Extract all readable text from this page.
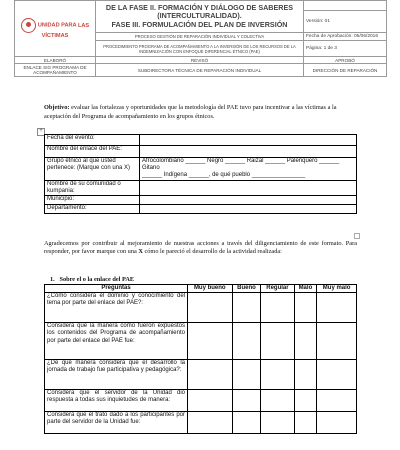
UNIDAD PARA LAS VÍCTIMAS	DE LA FASE II. FORMACIÓN Y DIÁLOGO DE SABERES
(INTERCULTURALIDAD).
FASE III. FORMULACIÓN DEL PLAN DE INVERSIÓN	

		Versión: 01
	PROCESO GESTIÓN DE REPARACIÓN INDIVIDUAL Y COLECTIVA	Fecha de Aprobación: 05/06/2016
	PROCEDIMIENTO PROGRAMA DE ACOMPAÑAMIENTO A LA INVERSIÓN DE LOS RECURSOS DE LA INDEMNIZACIÓN CON ENFOQUE DIFERENCIAL ÉTNICO (PAE)	Página: 1 de 3
ELABORÓ	REVISÓ	APROBÓ
ENLACE SIG PROGRAMA DE ACOMPAÑAMIENTO	SUBDIRECTORA TÉCNICA DE REPARACIÓN INDIVIDUAL	DIRECCIÓN DE REPARACIÓN
Objetivo: evaluar las fortalezas y oportunidades que la metodología del PAE tuvo para incentivar a las víctimas a la aceptación del Programa de acompañamiento en los grupos étnicos.
+
Fecha del evento:	
Nombre del enlace del PAE:	
Grupo étnico al que usted pertenece: (Marque con una X)	Afrocolombiano ______ Negro ______ Raizal ______ Palenquero ______ Gitano
______ Indígena ______, de qué pueblo ________________

Nombre de su comunidad o kumpania:	
Municipio:	
Departamento:	
Agradecemos por contribuir al mejoramiento de nuestras acciones a través del diligenciamiento de este formato. Para responder, por favor marque con una X cómo le pareció el desarrollo de la actividad realizada:
1. Sobre el o la enlace del PAE
Preguntas	Muy bueno	Bueno	Regular	Malo	Muy malo
¿Cómo considera el dominio y conocimiento del tema por parte del enlace del PAE?:					
Considera que la manera como fueron expuestos los contenidos del Programa de acompañamiento por parte del enlace del PAE fue:					
¿De qué manera considera que el desarrollo la jornada de trabajo fue participativa y pedagógica?:					
Considera que el servidor de la Unidad dio respuesta a todas sus inquietudes de manera:					
Considera que el trato dado a los participantes por parte del servidor de la Unidad fue:					
